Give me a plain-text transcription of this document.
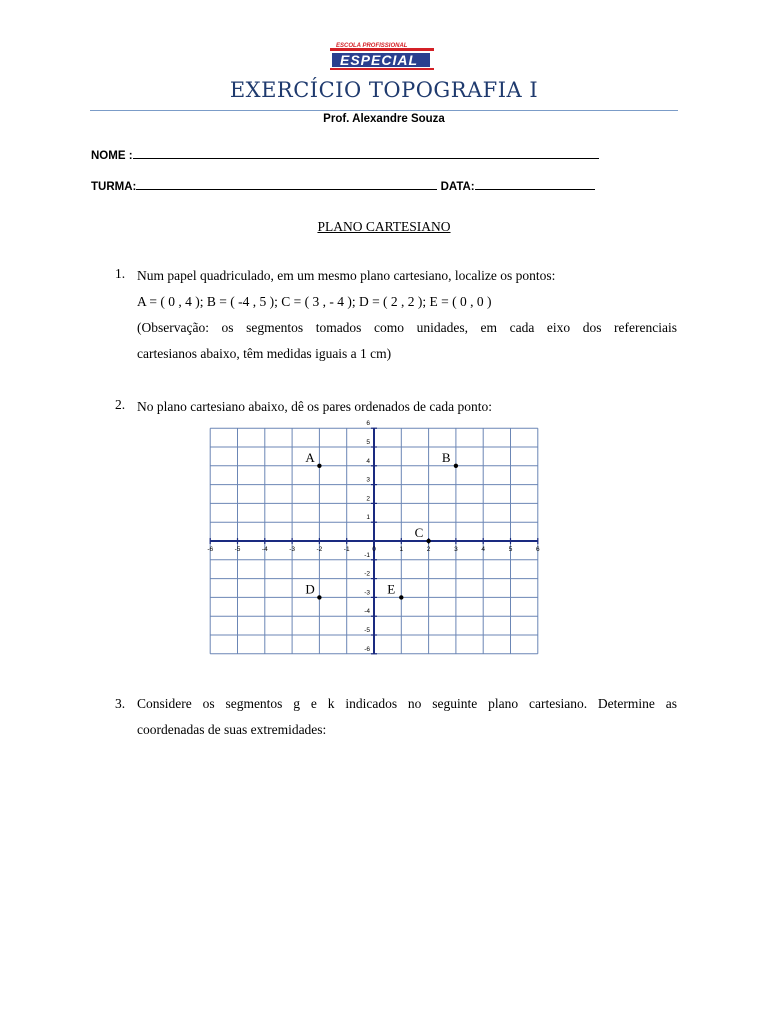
ESCOLA PROFISSIONAL
ESPECIAL
EXERCÍCIO TOPOGRAFIA I
Prof. Alexandre Souza
NOME :
TURMA:	DATA:
PLANO CARTESIANO
1. Num papel quadriculado, em um mesmo plano cartesiano, localize os pontos:
A = ( 0 , 4 ); B = ( -4 , 5 ); C = ( 3 , - 4 ); D = ( 2 , 2 ); E = ( 0 , 0 )
(Observação: os segmentos tomados como unidades, em cada eixo dos referenciais
cartesianos abaixo, têm medidas iguais a 1 cm)
2. No plano cartesiano abaixo, dê os pares ordenados de cada ponto:
-6	-5	-4	-3	-2	-1	0	1	2	3	4	5	6
6
5
4
3
2
1
-1
-2
-3
-4
-5
-6
A	B
C
D	E
3. Considere os segmentos g e k indicados no seguinte plano cartesiano. Determine as
coordenadas de suas extremidades:
